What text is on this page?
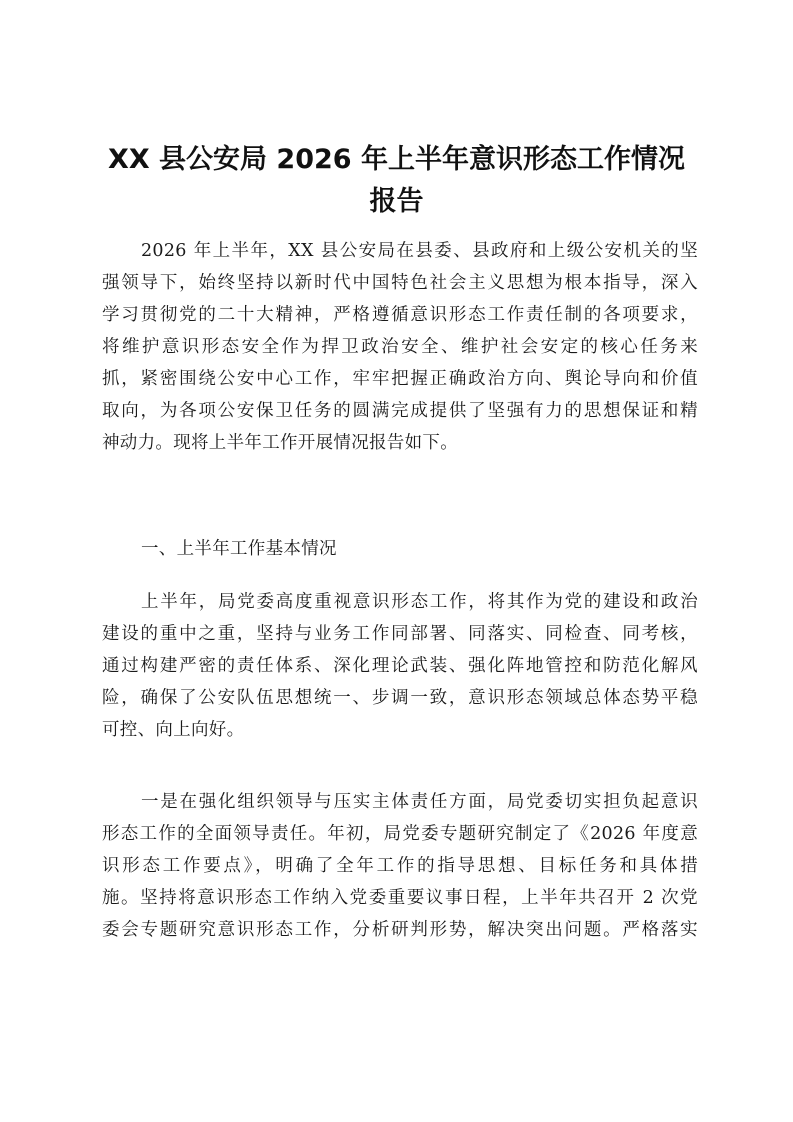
XX 县公安局 2026 年上半年意识形态工作情况
报告
2026 年上半年，XX 县公安局在县委、县政府和上级公安机关的坚
强领导下，始终坚持以新时代中国特色社会主义思想为根本指导，深入
学习贯彻党的二十大精神，严格遵循意识形态工作责任制的各项要求，
将维护意识形态安全作为捍卫政治安全、维护社会安定的核心任务来
抓，紧密围绕公安中心工作，牢牢把握正确政治方向、舆论导向和价值
取向，为各项公安保卫任务的圆满完成提供了坚强有力的思想保证和精
神动力。现将上半年工作开展情况报告如下。
一、上半年工作基本情况
上半年，局党委高度重视意识形态工作，将其作为党的建设和政治
建设的重中之重，坚持与业务工作同部署、同落实、同检查、同考核，
通过构建严密的责任体系、深化理论武装、强化阵地管控和防范化解风
险，确保了公安队伍思想统一、步调一致，意识形态领域总体态势平稳
可控、向上向好。
一是在强化组织领导与压实主体责任方面，局党委切实担负起意识
形态工作的全面领导责任。年初，局党委专题研究制定了《2026 年度意
识形态工作要点》，明确了全年工作的指导思想、目标任务和具体措
施。坚持将意识形态工作纳入党委重要议事日程，上半年共召开 2 次党
委会专题研究意识形态工作，分析研判形势，解决突出问题。严格落实
